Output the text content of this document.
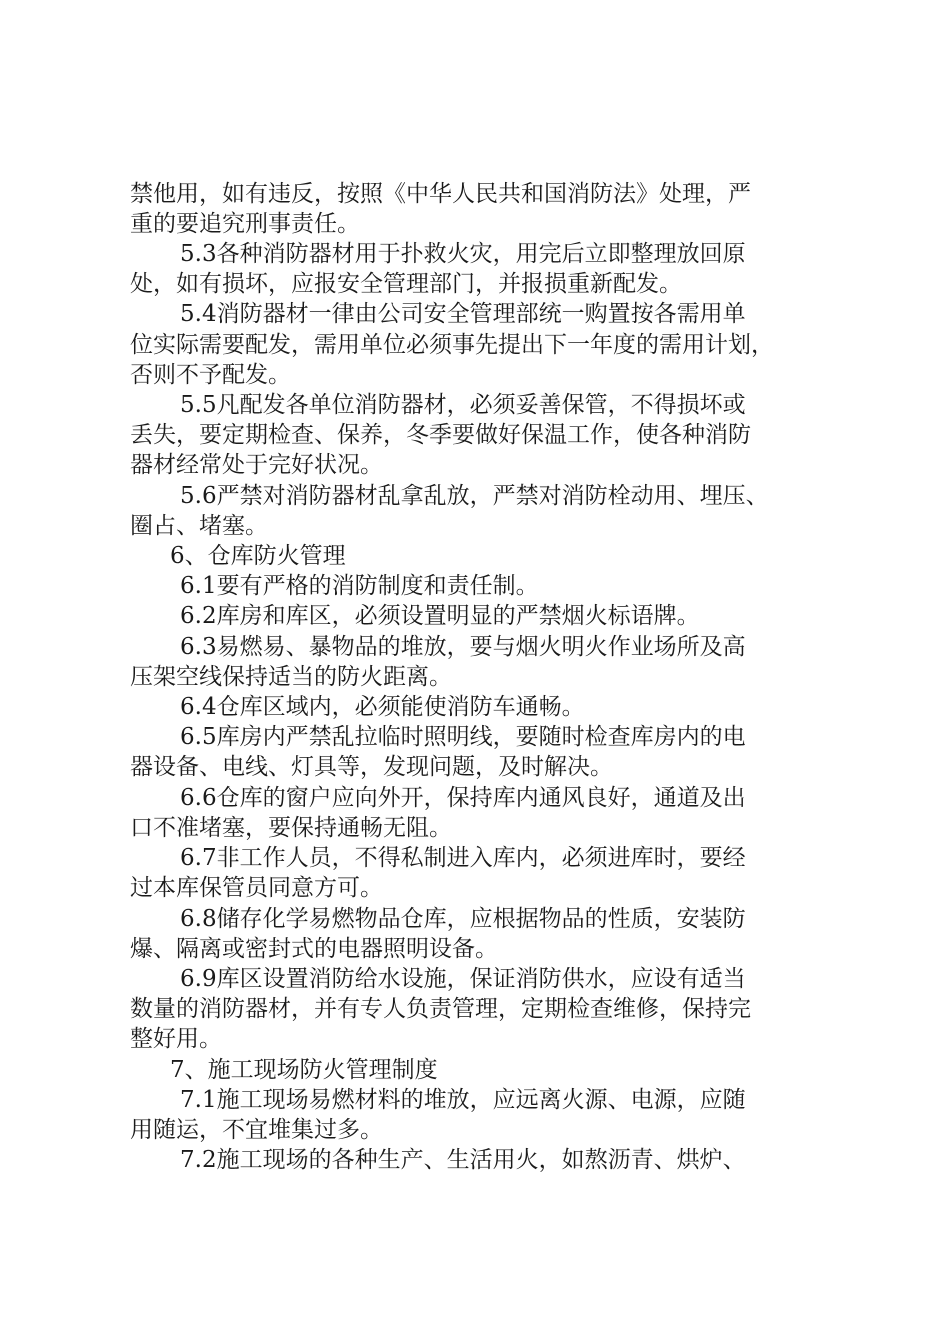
禁他用，如有违反，按照《中华人民共和国消防法》处理，严
重的要追究刑事责任。
5.3各种消防器材用于扑救火灾，用完后立即整理放回原
处，如有损坏，应报安全管理部门，并报损重新配发。
5.4消防器材一律由公司安全管理部统一购置按各需用单
位实际需要配发，需用单位必须事先提出下一年度的需用计划，
否则不予配发。
5.5凡配发各单位消防器材，必须妥善保管，不得损坏或
丢失，要定期检查、保养，冬季要做好保温工作，使各种消防
器材经常处于完好状况。
5.6严禁对消防器材乱拿乱放，严禁对消防栓动用、埋压、
圈占、堵塞。
6、仓库防火管理
6.1要有严格的消防制度和责任制。
6.2库房和库区，必须设置明显的严禁烟火标语牌。
6.3易燃易、暴物品的堆放，要与烟火明火作业场所及高
压架空线保持适当的防火距离。
6.4仓库区域内，必须能使消防车通畅。
6.5库房内严禁乱拉临时照明线，要随时检查库房内的电
器设备、电线、灯具等，发现问题，及时解决。
6.6仓库的窗户应向外开，保持库内通风良好，通道及出
口不准堵塞，要保持通畅无阻。
6.7非工作人员，不得私制进入库内，必须进库时，要经
过本库保管员同意方可。
6.8储存化学易燃物品仓库，应根据物品的性质，安装防
爆、隔离或密封式的电器照明设备。
6.9库区设置消防给水设施，保证消防供水，应设有适当
数量的消防器材，并有专人负责管理，定期检查维修，保持完
整好用。
7、施工现场防火管理制度
7.1施工现场易燃材料的堆放，应远离火源、电源，应随
用随运，不宜堆集过多。
7.2施工现场的各种生产、生活用火，如熬沥青、烘炉、
